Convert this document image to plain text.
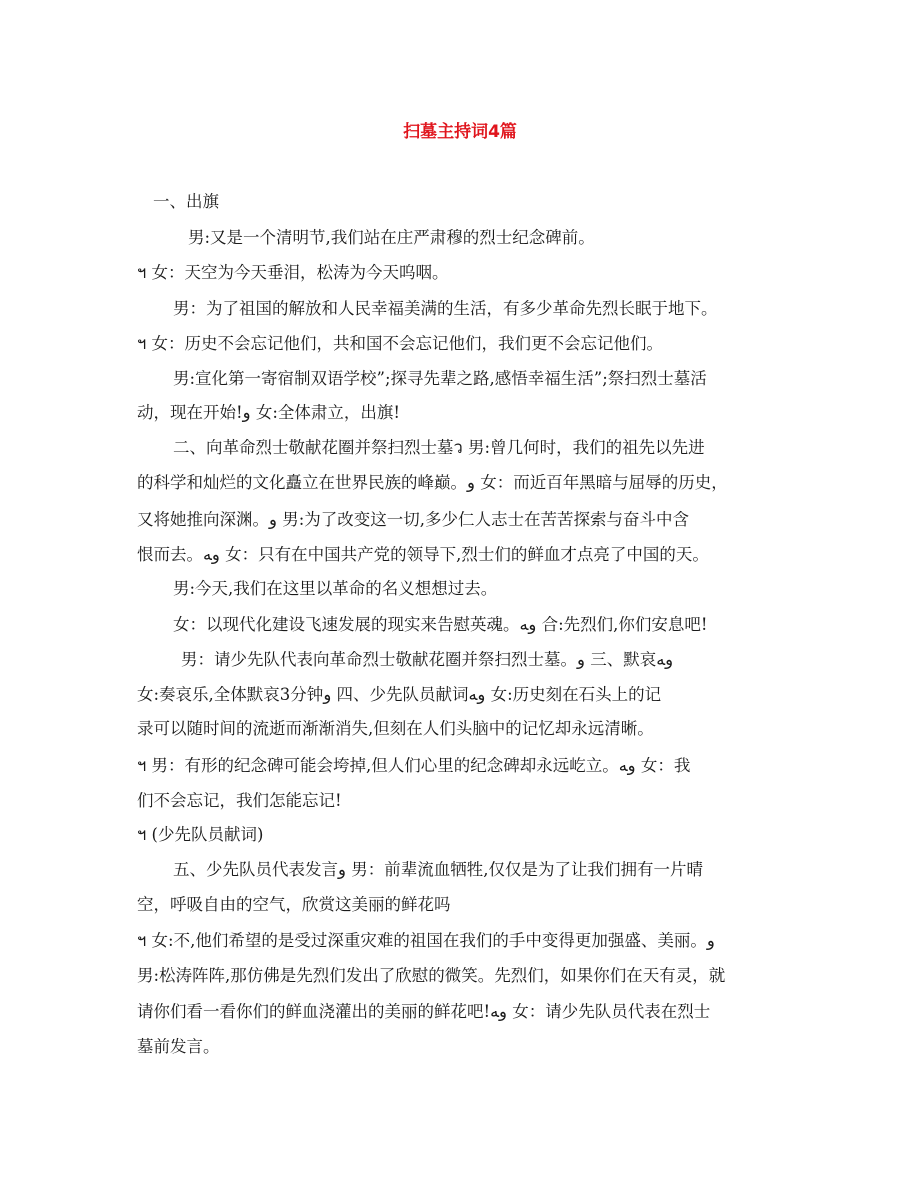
扫墓主持词4篇

一、出旗

男:又是一个清明节,我们站在庄严肃穆的烈士纪念碑前。

ฯ 女：天空为今天垂泪，松涛为今天呜咽。

男：为了祖国的解放和人民幸福美满的生活，有多少革命先烈长眠于地下。

ฯ 女：历史不会忘记他们，共和国不会忘记他们，我们更不会忘记他们。

男:宣化第一寄宿制双语学校”;探寻先辈之路,感悟幸福生活”;祭扫烈士墓活

动，现在开始!و 女:全体肃立，出旗!

二、向革命烈士敬献花圈并祭扫烈士墓ว 男:曾几何时，我们的祖先以先进

的科学和灿烂的文化矗立在世界民族的峰巅。و 女：而近百年黑暗与屈辱的历史，

又将她推向深渊。و 男:为了改变这一切,多少仁人志士在苦苦探索与奋斗中含

恨而去。وﻪ 女：只有在中国共产党的领导下,烈士们的鲜血才点亮了中国的天。

男:今天,我们在这里以革命的名义想想过去。

女：以现代化建设飞速发展的现实来告慰英魂。وﻪ 合:先烈们,你们安息吧!

男：请少先队代表向革命烈士敬献花圈并祭扫烈士墓。و 三、默哀وﻪ

女:奏哀乐,全体默哀3分钟و 四、少先队员献词وﻪ 女:历史刻在石头上的记

录可以随时间的流逝而渐渐消失,但刻在人们头脑中的记忆却永远清晰。

ฯ 男：有形的纪念碑可能会垮掉,但人们心里的纪念碑却永远屹立。وﻪ 女：我

们不会忘记，我们怎能忘记!

ฯ (少先队员献词)

五、少先队员代表发言و 男：前辈流血牺牲,仅仅是为了让我们拥有一片晴

空，呼吸自由的空气，欣赏这美丽的鲜花吗

ฯ 女:不,他们希望的是受过深重灾难的祖国在我们的手中变得更加强盛、美丽。و

男:松涛阵阵,那仿佛是先烈们发出了欣慰的微笑。先烈们，如果你们在天有灵，就

请你们看一看你们的鲜血浇灌出的美丽的鲜花吧!وﻪ 女：请少先队员代表在烈士

墓前发言。
